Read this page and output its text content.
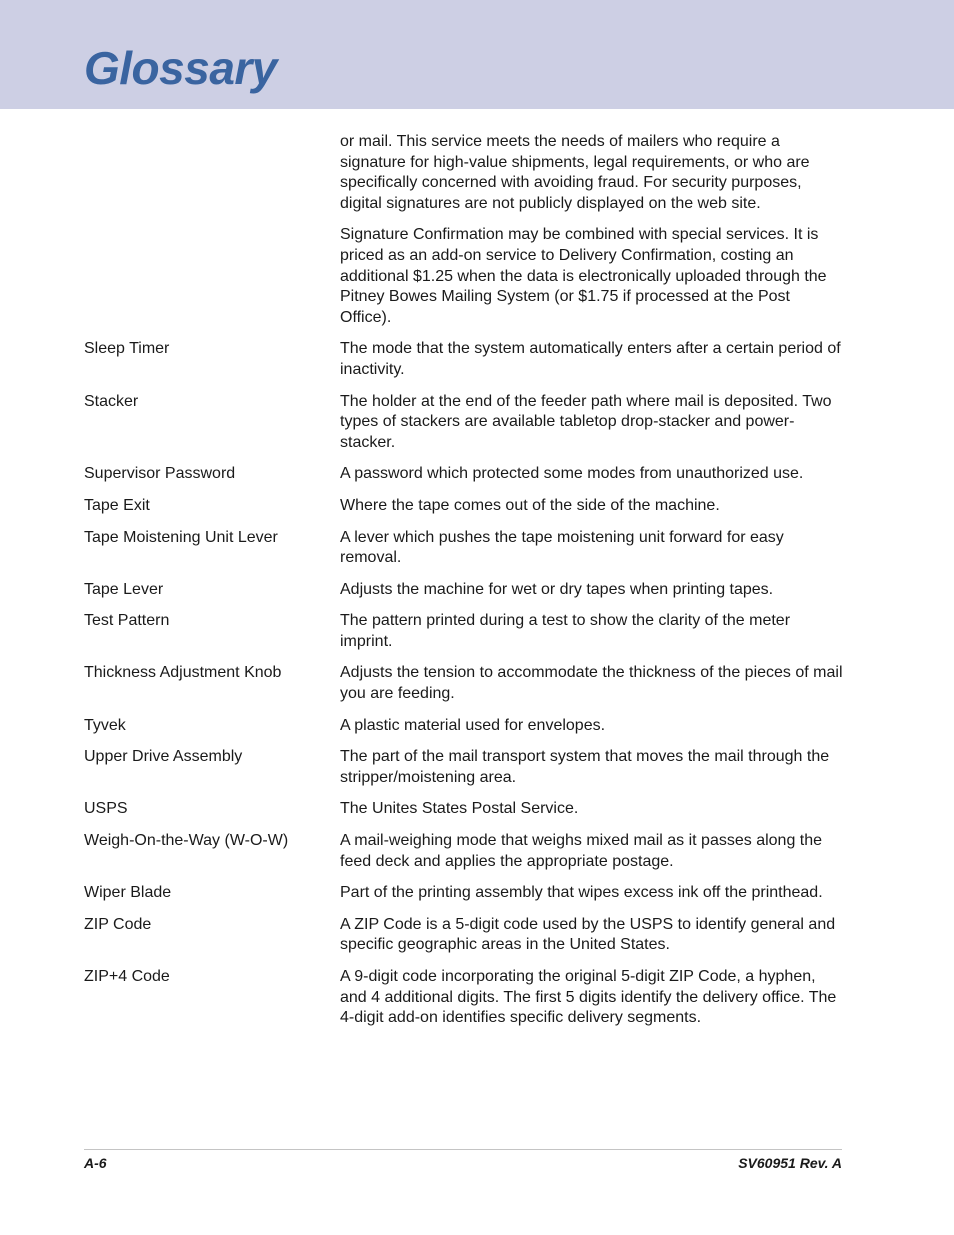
Glossary

or mail. This service meets the needs of mailers who require a signature for high-value shipments, legal requirements, or who are specifically concerned with avoiding fraud. For security purposes, digital signatures are not publicly displayed on the web site.

Signature Confirmation may be combined with special services. It is priced as an add-on service to Delivery Confirmation, costing an additional $1.25 when the data is electronically uploaded through the Pitney Bowes Mailing System (or $1.75 if processed at the Post Office).

Sleep Timer	The mode that the system automatically enters after a certain period of inactivity.
Stacker	The holder at the end of the feeder path where mail is deposited. Two types of stackers are available tabletop drop-stacker and power-stacker.
Supervisor Password	A password which protected some modes from unauthorized use.
Tape Exit	Where the tape comes out of the side of the machine.
Tape Moistening Unit Lever	A lever which pushes the tape moistening unit forward for easy removal.
Tape Lever	Adjusts the machine for wet or dry tapes when printing tapes.
Test Pattern	The pattern printed during a test to show the clarity of the meter imprint.
Thickness Adjustment Knob	Adjusts the tension to accommodate the thickness of the pieces of mail you are feeding.
Tyvek	A plastic material used for envelopes.
Upper Drive Assembly	The part of the mail transport system that moves the mail through the stripper/moistening area.
USPS	The Unites States Postal Service.
Weigh-On-the-Way (W-O-W)	A mail-weighing mode that weighs mixed mail as it passes along the feed deck and applies the appropriate postage.
Wiper Blade	Part of the printing assembly that wipes excess ink off the printhead.
ZIP Code	A ZIP Code is a 5-digit code used by the USPS to identify general and specific geographic areas in the United States.
ZIP+4 Code	A 9-digit code incorporating the original 5-digit ZIP Code, a hyphen, and 4 additional digits. The first 5 digits identify the delivery office. The 4-digit add-on identifies specific delivery segments.
A-6	SV60951 Rev. A
